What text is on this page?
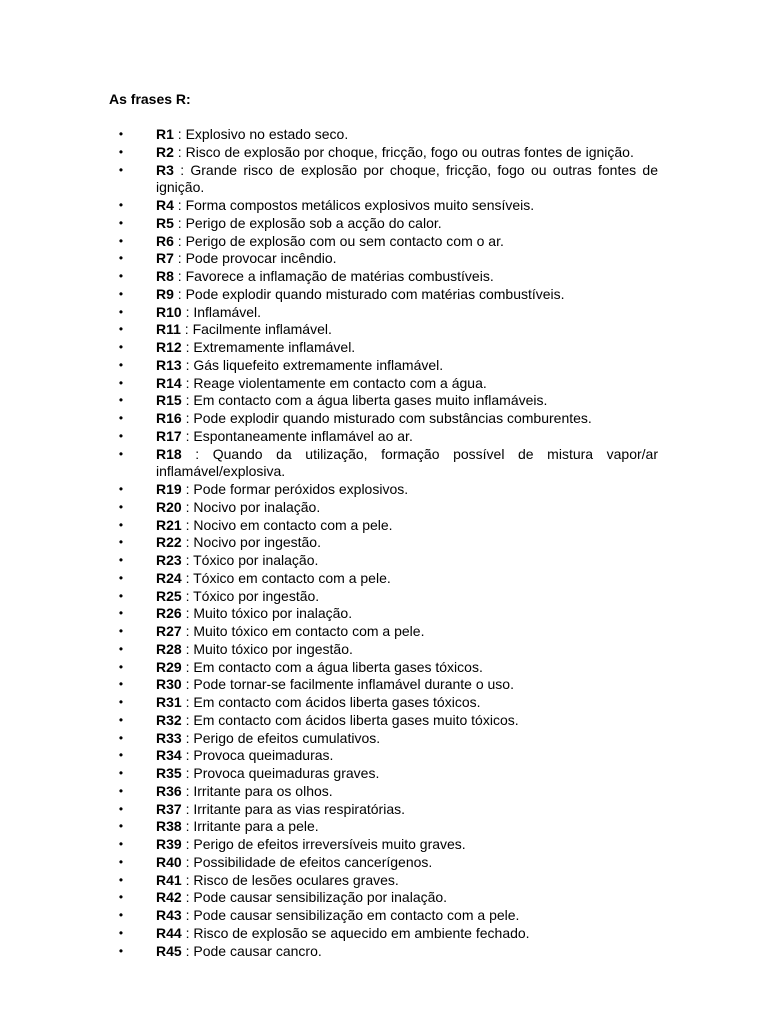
As frases R:

•	R1 : Explosivo no estado seco.
•	R2 : Risco de explosão por choque, fricção, fogo ou outras fontes de ignição.
•	R3 : Grande risco de explosão por choque, fricção, fogo ou outras fontes de ignição.
•	R4 : Forma compostos metálicos explosivos muito sensíveis.
•	R5 : Perigo de explosão sob a acção do calor.
•	R6 : Perigo de explosão com ou sem contacto com o ar.
•	R7 : Pode provocar incêndio.
•	R8 : Favorece a inflamação de matérias combustíveis.
•	R9 : Pode explodir quando misturado com matérias combustíveis.
•	R10 : Inflamável.
•	R11 : Facilmente inflamável.
•	R12 : Extremamente inflamável.
•	R13 : Gás liquefeito extremamente inflamável.
•	R14 : Reage violentamente em contacto com a água.
•	R15 : Em contacto com a água liberta gases muito inflamáveis.
•	R16 : Pode explodir quando misturado com substâncias comburentes.
•	R17 : Espontaneamente inflamável ao ar.
•	R18 : Quando da utilização, formação possível de mistura vapor/ar inflamável/explosiva.
•	R19 : Pode formar peróxidos explosivos.
•	R20 : Nocivo por inalação.
•	R21 : Nocivo em contacto com a pele.
•	R22 : Nocivo por ingestão.
•	R23 : Tóxico por inalação.
•	R24 : Tóxico em contacto com a pele.
•	R25 : Tóxico por ingestão.
•	R26 : Muito tóxico por inalação.
•	R27 : Muito tóxico em contacto com a pele.
•	R28 : Muito tóxico por ingestão.
•	R29 : Em contacto com a água liberta gases tóxicos.
•	R30 : Pode tornar-se facilmente inflamável durante o uso.
•	R31 : Em contacto com ácidos liberta gases tóxicos.
•	R32 : Em contacto com ácidos liberta gases muito tóxicos.
•	R33 : Perigo de efeitos cumulativos.
•	R34 : Provoca queimaduras.
•	R35 : Provoca queimaduras graves.
•	R36 : Irritante para os olhos.
•	R37 : Irritante para as vias respiratórias.
•	R38 : Irritante para a pele.
•	R39 : Perigo de efeitos irreversíveis muito graves.
•	R40 : Possibilidade de efeitos cancerígenos.
•	R41 : Risco de lesões oculares graves.
•	R42 : Pode causar sensibilização por inalação.
•	R43 : Pode causar sensibilização em contacto com a pele.
•	R44 : Risco de explosão se aquecido em ambiente fechado.
•	R45 : Pode causar cancro.
